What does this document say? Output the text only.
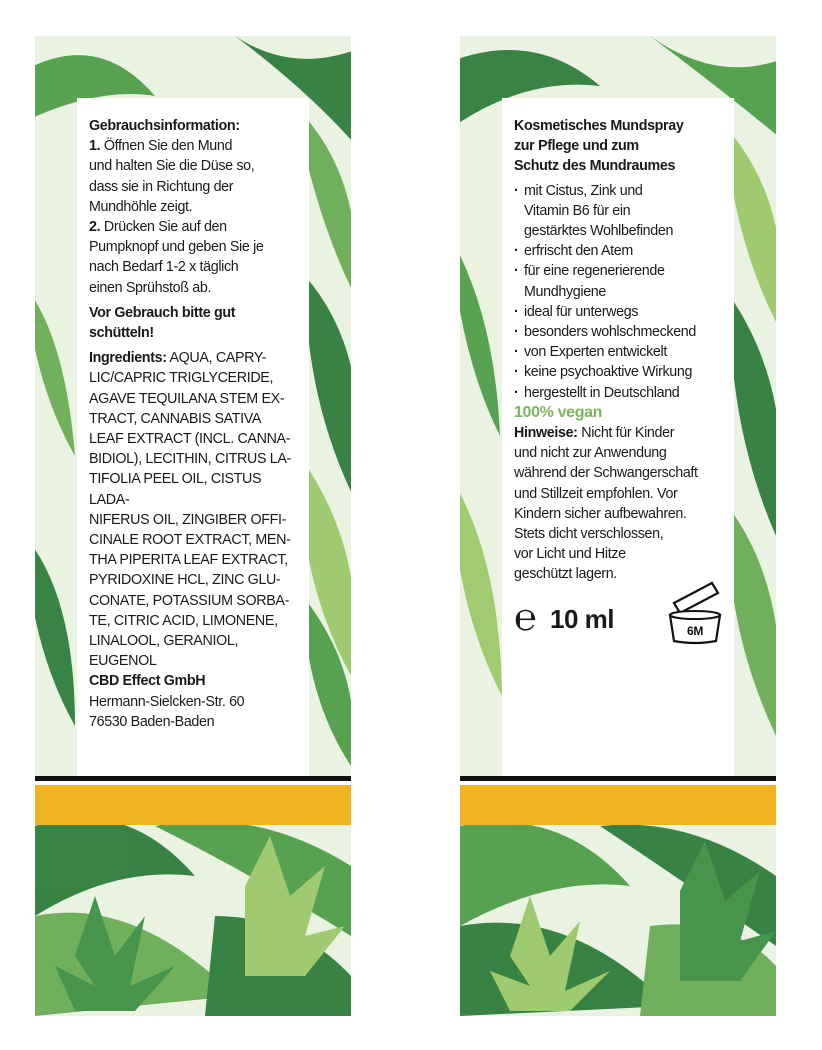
Gebrauchsinformation:

1. Öffnen Sie den Mund

und halten Sie die Düse so,

dass sie in Richtung der

Mundhöhle zeigt.

2. Drücken Sie auf den

Pumpknopf und geben Sie je

nach Bedarf 1-2 x täglich

einen Sprühstoß ab.

Vor Gebrauch bitte gut

schütteln!

Ingredients: AQUA, CAPRY-

LIC/CAPRIC TRIGLYCERIDE,

AGAVE TEQUILANA STEM EX-

TRACT, CANNABIS SATIVA

LEAF EXTRACT (INCL. CANNA-

BIDIOL), LECITHIN, CITRUS LA-

TIFOLIA PEEL OIL, CISTUS LADA-

NIFERUS OIL, ZINGIBER OFFI-

CINALE ROOT EXTRACT, MEN-

THA PIPERITA LEAF EXTRACT,

PYRIDOXINE HCL, ZINC GLU-

CONATE, POTASSIUM SORBA-

TE, CITRIC ACID, LIMONENE,

LINALOOL, GERANIOL, EUGENOL

CBD Effect GmbH

Hermann-Sielcken-Str. 60

76530 Baden-Baden

Kosmetisches Mundspray

zur Pflege und zum

Schutz des Mundraumes

· mit Cistus, Zink und
Vitamin B6 für ein
gestärktes Wohlbefinden
· erfrischt den Atem
· für eine regenerierende
Mundhygiene
· ideal für unterwegs
· besonders wohlschmeckend
· von Experten entwickelt
· keine psychoaktive Wirkung
· hergestellt in Deutschland

100% vegan

Hinweise: Nicht für Kinder

und nicht zur Anwendung

während der Schwangerschaft

und Stillzeit empfohlen. Vor

Kindern sicher aufbewahren.

Stets dicht verschlossen,

vor Licht und Hitze

geschützt lagern.

℮ 10 ml	6M
